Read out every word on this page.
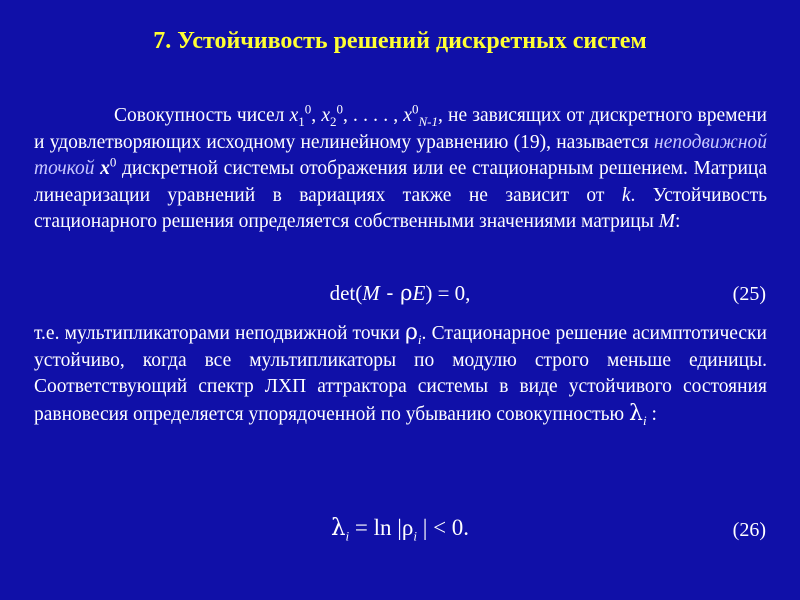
7. Устойчивость решений дискретных систем
Совокупность чисел $x_1^0$, $x_2^0$, . . . . , $x^0_{N-1}$, не зависящих от дискретного времени и удовлетворяющих исходному нелинейному уравнению (19), называется неподвижной точкой $x^0$ дискретной системы отображения или ее стационарным решением. Матрица линеаризации уравнений в вариациях также не зависит от k. Устойчивость стационарного решения определяется собственными значениями матрицы M:
det(M - ρE) = 0,	(25)
т.е. мультипликаторами неподвижной точки $\rho_i$. Стационарное решение асимптотически устойчиво, когда все мультипликаторы по модулю строго меньше единицы. Соответствующий спектр ЛХП аттрактора системы в виде устойчивого состояния равновесия определяется упорядоченной по убыванию совокупностью $\lambda_i$ :
$\lambda_i = \ln |\rho_i$ | < 0.	(26)
